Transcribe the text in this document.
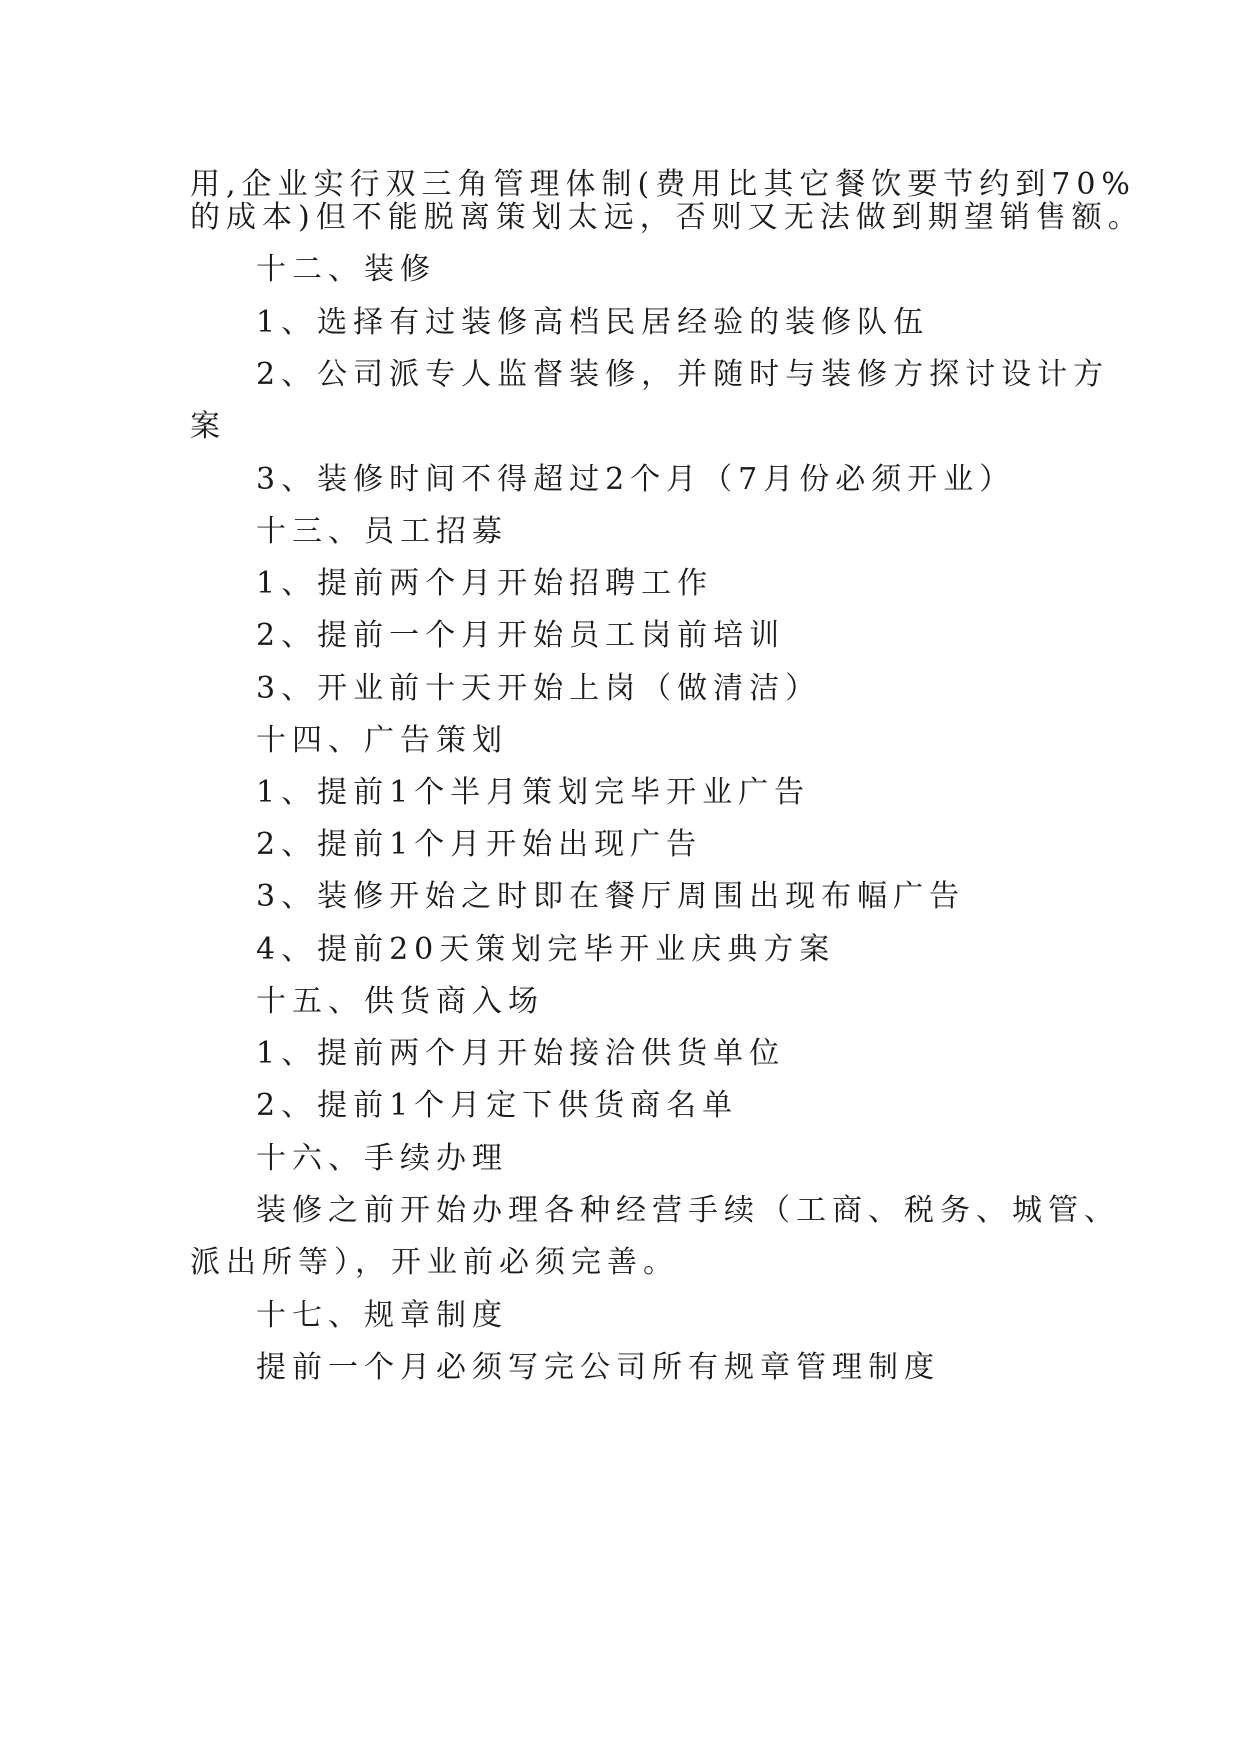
用,企业实行双三角管理体制(费用比其它餐饮要节约到70%
的成本)但不能脱离策划太远，否则又无法做到期望销售额。
十二、装修
1、选择有过装修高档民居经验的装修队伍
2、公司派专人监督装修，并随时与装修方探讨设计方
案
3、装修时间不得超过2个月（7月份必须开业）
十三、员工招募
1、提前两个月开始招聘工作
2、提前一个月开始员工岗前培训
3、开业前十天开始上岗（做清洁）
十四、广告策划
1、提前1个半月策划完毕开业广告
2、提前1个月开始出现广告
3、装修开始之时即在餐厅周围出现布幅广告
4、提前20天策划完毕开业庆典方案
十五、供货商入场
1、提前两个月开始接洽供货单位
2、提前1个月定下供货商名单
十六、手续办理
装修之前开始办理各种经营手续（工商、税务、城管、
派出所等），开业前必须完善。
十七、规章制度
提前一个月必须写完公司所有规章管理制度
